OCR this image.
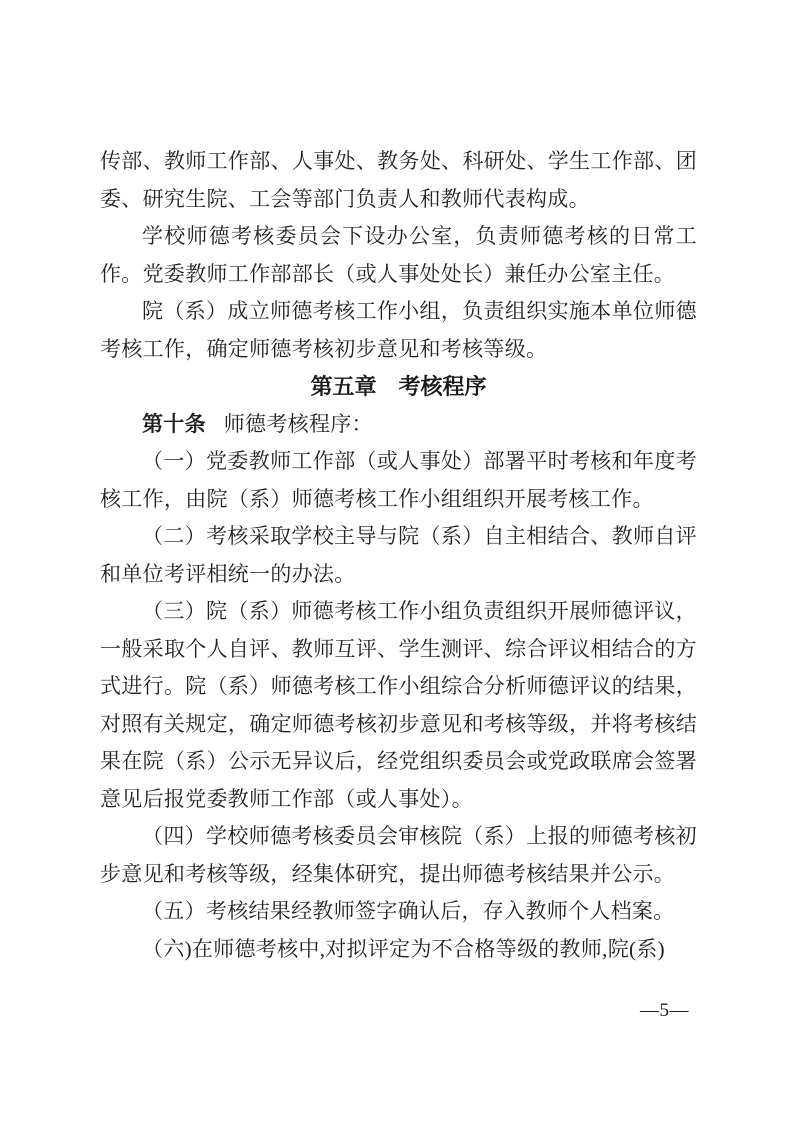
传部、教师工作部、人事处、教务处、科研处、学生工作部、团委、研究生院、工会等部门负责人和教师代表构成。

学校师德考核委员会下设办公室，负责师德考核的日常工作。党委教师工作部部长（或人事处处长）兼任办公室主任。

院（系）成立师德考核工作小组，负责组织实施本单位师德考核工作，确定师德考核初步意见和考核等级。

第五章　考核程序

第十条 师德考核程序：

（一）党委教师工作部（或人事处）部署平时考核和年度考核工作，由院（系）师德考核工作小组组织开展考核工作。

（二）考核采取学校主导与院（系）自主相结合、教师自评和单位考评相统一的办法。

（三）院（系）师德考核工作小组负责组织开展师德评议，一般采取个人自评、教师互评、学生测评、综合评议相结合的方式进行。院（系）师德考核工作小组综合分析师德评议的结果，对照有关规定，确定师德考核初步意见和考核等级，并将考核结果在院（系）公示无异议后，经党组织委员会或党政联席会签署意见后报党委教师工作部（或人事处）。

（四）学校师德考核委员会审核院（系）上报的师德考核初步意见和考核等级，经集体研究，提出师德考核结果并公示。

（五）考核结果经教师签字确认后，存入教师个人档案。

（六)在师德考核中,对拟评定为不合格等级的教师,院(系)

—5—
